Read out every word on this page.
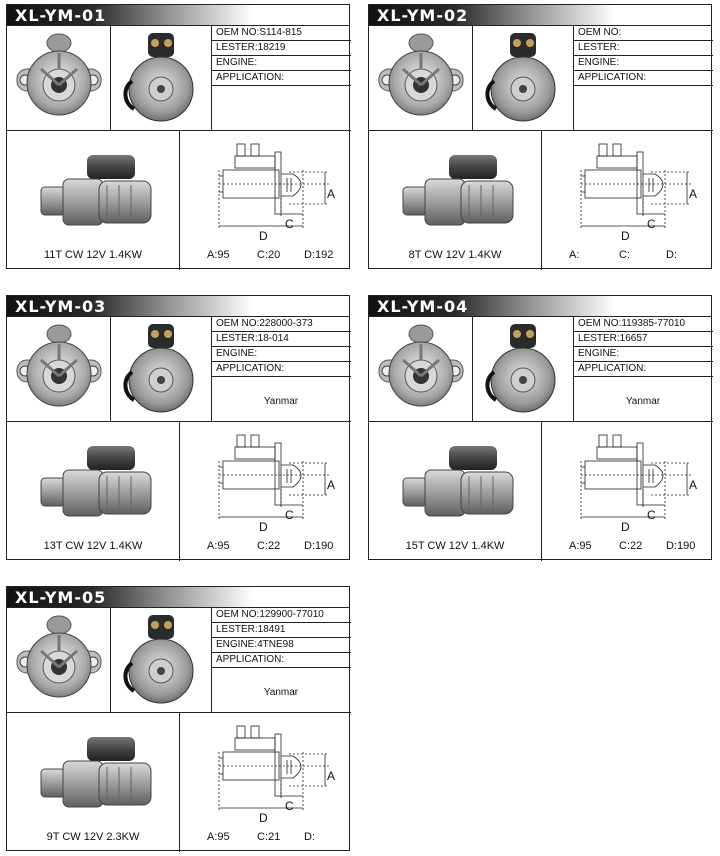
XL-YM-01
OEM NO:S114-815
LESTER:18219
ENGINE:
APPLICATION:
11T CW 12V 1.4KW
A
C
D
A:95 C:20 D:192
XL-YM-02
OEM NO:
LESTER:
ENGINE:
APPLICATION:
8T CW 12V 1.4KW
A
C
D
A:	C:	D:
XL-YM-03
OEM NO:228000-373
LESTER:18-014
ENGINE:
APPLICATION:
Yanmar
13T CW 12V 1.4KW
A
C
D
A:95 C:22 D:190
XL-YM-04
OEM NO:119385-77010
LESTER:16657
ENGINE:
APPLICATION:
Yanmar
15T CW 12V 1.4KW
A
C
D
A:95 C:22 D:190
XL-YM-05
OEM NO:129900-77010
LESTER:18491
ENGINE:4TNE98
APPLICATION:
Yanmar
9T CW 12V 2.3KW
A
C
D
A:95 C:21 D:
